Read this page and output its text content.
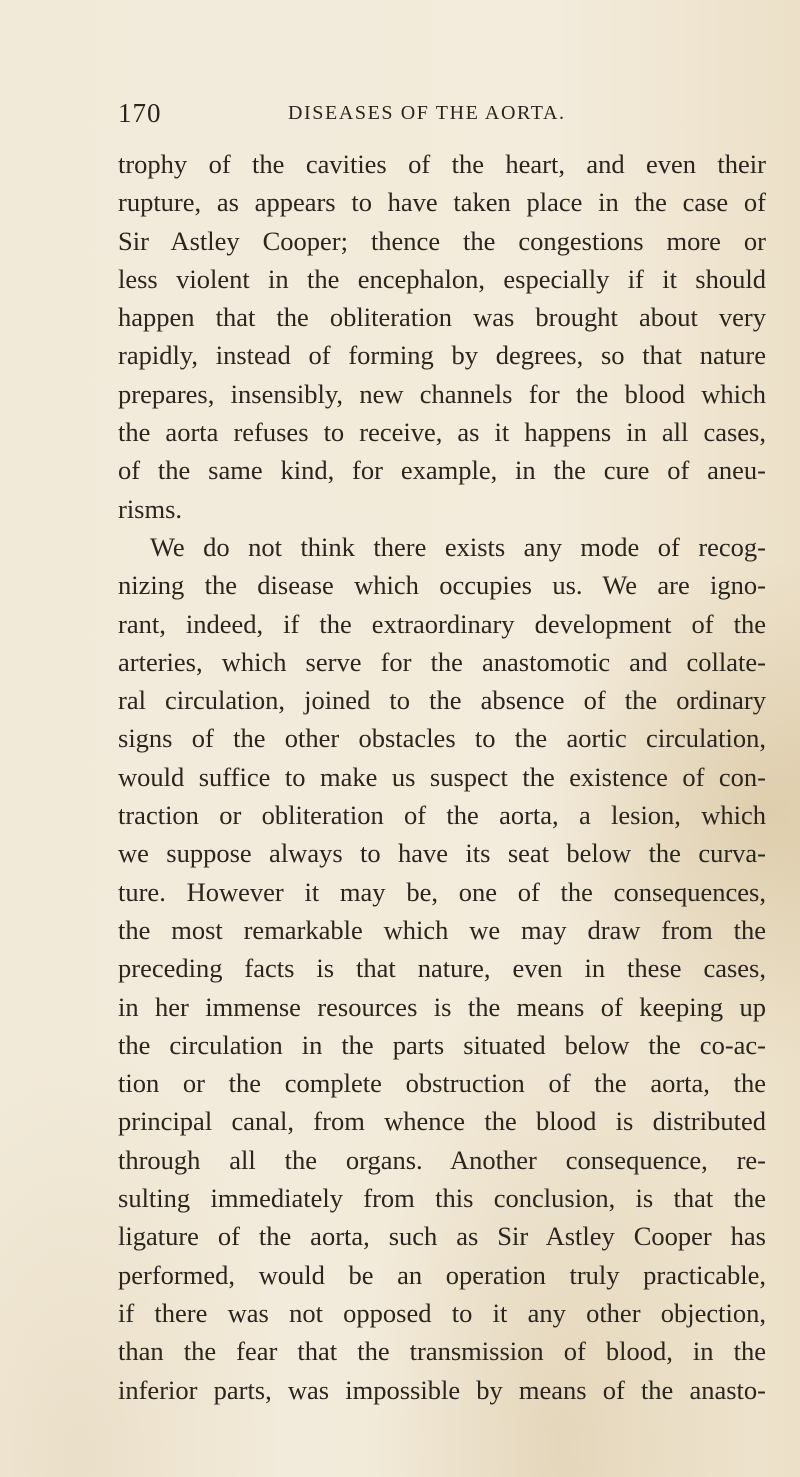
170	DISEASES OF THE AORTA.
trophy of the cavities of the heart, and even their
rupture, as appears to have taken place in the case of
Sir Astley Cooper; thence the congestions more or
less violent in the encephalon, especially if it should
happen that the obliteration was brought about very
rapidly, instead of forming by degrees, so that nature
prepares, insensibly, new channels for the blood which
the aorta refuses to receive, as it happens in all cases,
of the same kind, for example, in the cure of aneu-
risms.
We do not think there exists any mode of recog-
nizing the disease which occupies us. We are igno-
rant, indeed, if the extraordinary development of the
arteries, which serve for the anastomotic and collate-
ral circulation, joined to the absence of the ordinary
signs of the other obstacles to the aortic circulation,
would suffice to make us suspect the existence of con-
traction or obliteration of the aorta, a lesion, which
we suppose always to have its seat below the curva-
ture. However it may be, one of the consequences,
the most remarkable which we may draw from the
preceding facts is that nature, even in these cases,
in her immense resources is the means of keeping up
the circulation in the parts situated below the co-ac-
tion or the complete obstruction of the aorta, the
principal canal, from whence the blood is distributed
through all the organs. Another consequence, re-
sulting immediately from this conclusion, is that the
ligature of the aorta, such as Sir Astley Cooper has
performed, would be an operation truly practicable,
if there was not opposed to it any other objection,
than the fear that the transmission of blood, in the
inferior parts, was impossible by means of the anasto-
